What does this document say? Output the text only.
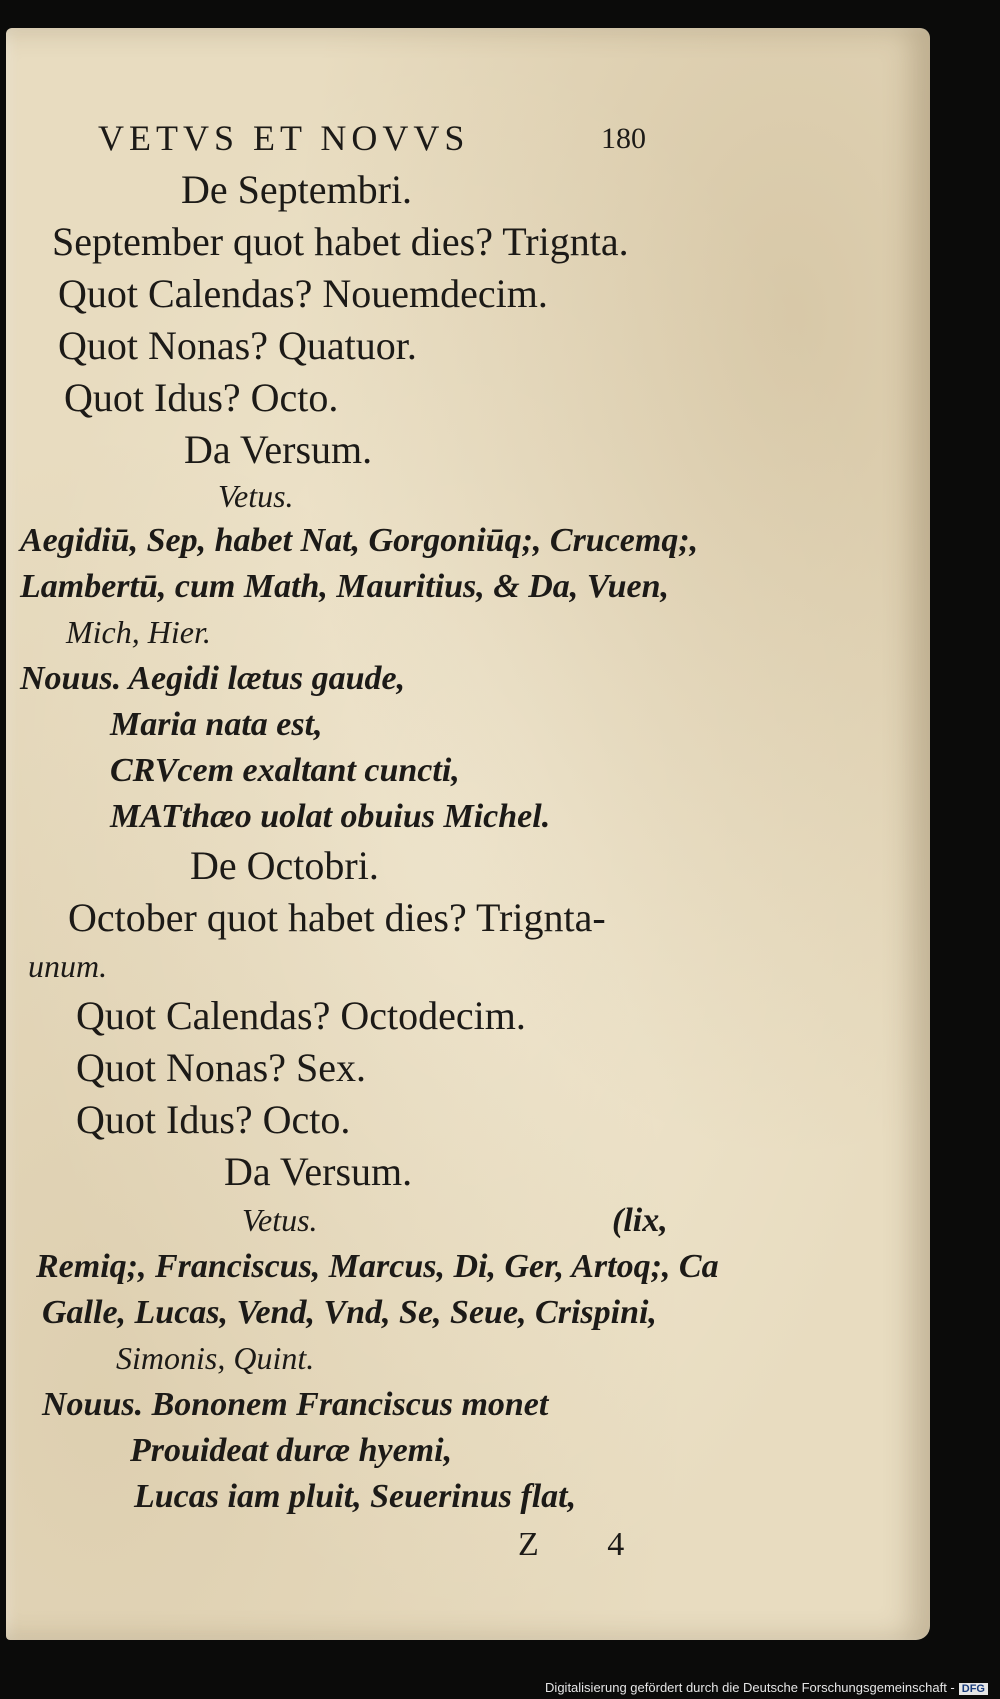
VETVS ET NOVVS	180
De Septembri.
September quot habet dies? Trignta.
Quot Calendas? Nouemdecim.
Quot Nonas? Quatuor.
Quot Idus? Octo.
Da Versum.
Vetus.
Aegidiū, Sep, habet Nat, Gorgoniūq;, Crucemq;,
Lambertū, cum Math, Mauritius, & Da, Vuen,
Mich, Hier.
Nouus. Aegidi lætus gaude,
Maria nata est,
CRVcem exaltant cuncti,
MATthæo uolat obuius Michel.
De Octobri.
October quot habet dies? Trignta-
unum.
Quot Calendas? Octodecim.
Quot Nonas? Sex.
Quot Idus? Octo.
Da Versum.
Vetus.	(lix,
Remiq;, Franciscus, Marcus, Di, Ger, Artoq;, Ca
Galle, Lucas, Vend, Vnd, Se, Seue, Crispini,
Simonis, Quint.
Nouus. Bononem Franciscus monet
Prouideat duræ hyemi,
Lucas iam pluit, Seuerinus flat,
Z 4
Digitalisierung gefördert durch die Deutsche Forschungsgemeinschaft - DFG
